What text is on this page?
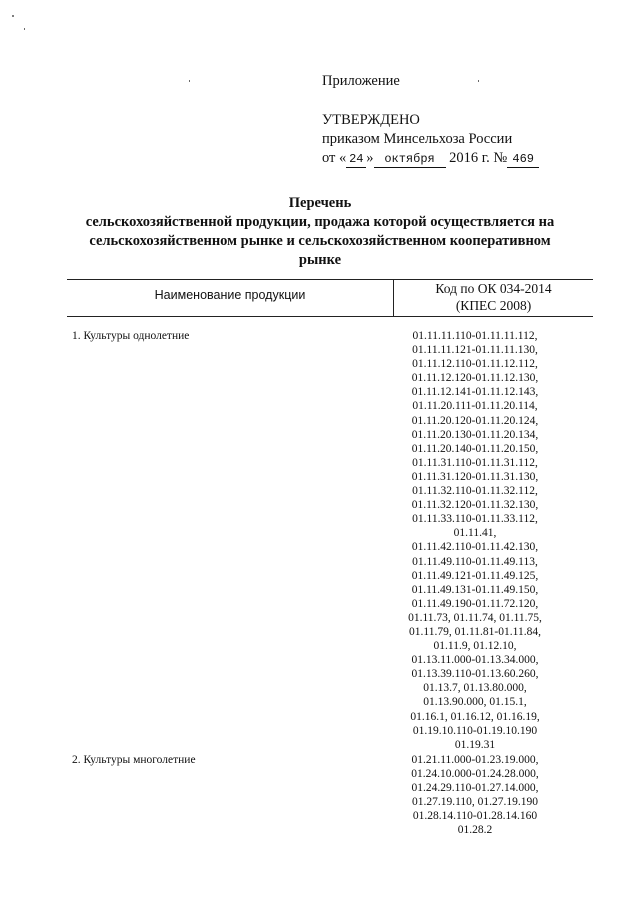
Приложение
УТВЕРЖДЕНО
приказом Минсельхоза России
от « 24 » октября 2016 г. № 469
Перечень
сельскохозяйственной продукции, продажа которой осуществляется на
сельскохозяйственном рынке и сельскохозяйственном кооперативном
рынке
Наименование продукции	Код по ОК 034-2014
(КПЕС 2008)
1. Культуры однолетние	01.11.11.110-01.11.11.112,
01.11.11.121-01.11.11.130,
01.11.12.110-01.11.12.112,
01.11.12.120-01.11.12.130,
01.11.12.141-01.11.12.143,
01.11.20.111-01.11.20.114,
01.11.20.120-01.11.20.124,
01.11.20.130-01.11.20.134,
01.11.20.140-01.11.20.150,
01.11.31.110-01.11.31.112,
01.11.31.120-01.11.31.130,
01.11.32.110-01.11.32.112,
01.11.32.120-01.11.32.130,
01.11.33.110-01.11.33.112,
01.11.41,
01.11.42.110-01.11.42.130,
01.11.49.110-01.11.49.113,
01.11.49.121-01.11.49.125,
01.11.49.131-01.11.49.150,
01.11.49.190-01.11.72.120,
01.11.73, 01.11.74, 01.11.75,
01.11.79, 01.11.81-01.11.84,
01.11.9, 01.12.10,
01.13.11.000-01.13.34.000,
01.13.39.110-01.13.60.260,
01.13.7, 01.13.80.000,
01.13.90.000, 01.15.1,
01.16.1, 01.16.12, 01.16.19,
01.19.10.110-01.19.10.190
01.19.31
2. Культуры многолетние	01.21.11.000-01.23.19.000,
01.24.10.000-01.24.28.000,
01.24.29.110-01.27.14.000,
01.27.19.110, 01.27.19.190
01.28.14.110-01.28.14.160
01.28.2
